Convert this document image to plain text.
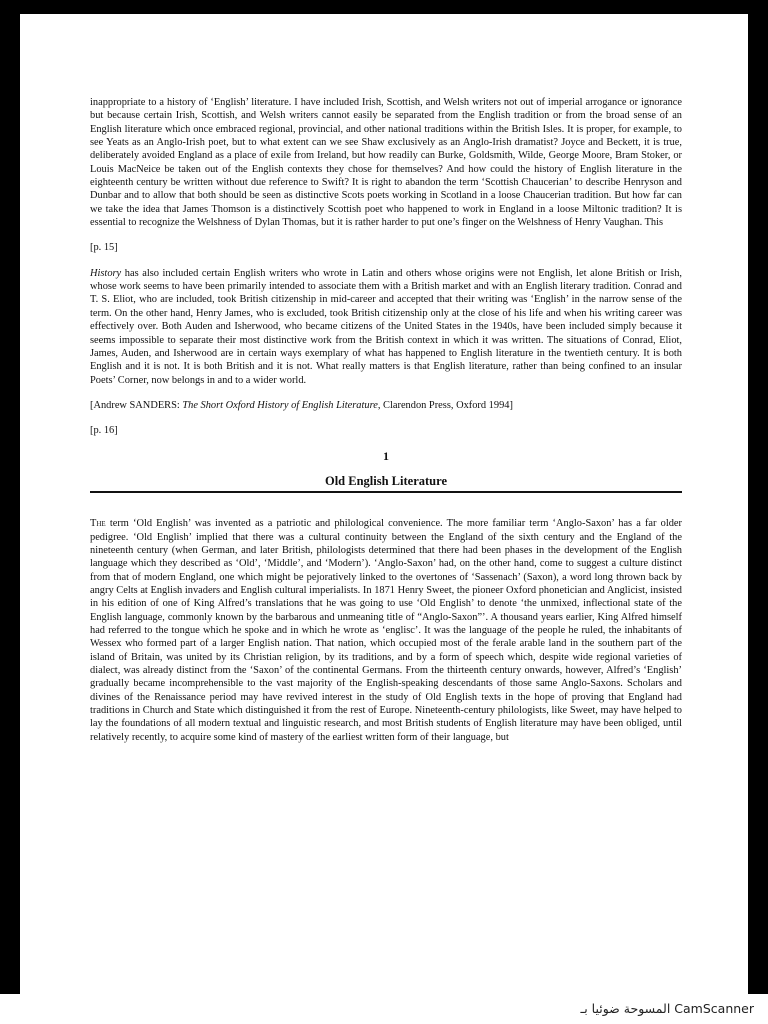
inappropriate to a history of ‘English’ literature. I have included Irish, Scottish, and Welsh writers not out of imperial arrogance or ignorance but because certain Irish, Scottish, and Welsh writers cannot easily be separated from the English tradition or from the broad sense of an English literature which once embraced regional, provincial, and other national traditions within the British Isles. It is proper, for example, to see Yeats as an Anglo-Irish poet, but to what extent can we see Shaw exclusively as an Anglo-Irish dramatist? Joyce and Beckett, it is true, deliberately avoided England as a place of exile from Ireland, but how readily can Burke, Goldsmith, Wilde, George Moore, Bram Stoker, or Louis MacNeice be taken out of the English contexts they chose for themselves? And how could the history of English literature in the eighteenth century be written without due reference to Swift? It is right to abandon the term ‘Scottish Chaucerian’ to describe Henryson and Dunbar and to allow that both should be seen as distinctive Scots poets working in Scotland in a loose Chaucerian tradition. But how far can we take the idea that James Thomson is a distinctively Scottish poet who happened to work in England in a loose Miltonic tradition? It is essential to recognize the Welshness of Dylan Thomas, but it is rather harder to put one’s finger on the Welshness of Henry Vaughan. This

[p. 15]

History has also included certain English writers who wrote in Latin and others whose origins were not English, let alone British or Irish, whose work seems to have been primarily intended to associate them with a British market and with an English literary tradition. Conrad and T. S. Eliot, who are included, took British citizenship in mid-career and accepted that their writing was ‘English’ in the narrow sense of the term. On the other hand, Henry James, who is excluded, took British citizenship only at the close of his life and when his writing career was effectively over. Both Auden and Isherwood, who became citizens of the United States in the 1940s, have been included simply because it seems impossible to separate their most distinctive work from the British context in which it was written. The situations of Conrad, Eliot, James, Auden, and Isherwood are in certain ways exemplary of what has happened to English literature in the twentieth century. It is both English and it is not. It is both British and it is not. What really matters is that English literature, rather than being confined to an insular Poets’ Corner, now belongs in and to a wider world.

[Andrew SANDERS: The Short Oxford History of English Literature, Clarendon Press, Oxford 1994]

[p. 16]

1

Old English Literature

The term ‘Old English’ was invented as a patriotic and philological convenience. The more familiar term ‘Anglo-Saxon’ has a far older pedigree. ‘Old English’ implied that there was a cultural continuity between the England of the sixth century and the England of the nineteenth century (when German, and later British, philologists determined that there had been phases in the development of the English language which they described as ‘Old’, ‘Middle’, and ‘Modern’). ‘Anglo-Saxon’ had, on the other hand, come to suggest a culture distinct from that of modern England, one which might be pejoratively linked to the overtones of ‘Sassenach’ (Saxon), a word long thrown back by angry Celts at English invaders and English cultural imperialists. In 1871 Henry Sweet, the pioneer Oxford phonetician and Anglicist, insisted in his edition of one of King Alfred’s translations that he was going to use ‘Old English’ to denote ‘the unmixed, inflectional state of the English language, commonly known by the barbarous and unmeaning title of “Anglo-Saxon”’. A thousand years earlier, King Alfred himself had referred to the tongue which he spoke and in which he wrote as ‘englisc’. It was the language of the people he ruled, the inhabitants of Wessex who formed part of a larger English nation. That nation, which occupied most of the ferale arable land in the southern part of the island of Britain, was united by its Christian religion, by its traditions, and by a form of speech which, despite wide regional varieties of dialect, was already distinct from the ‘Saxon’ of the continental Germans. From the thirteenth century onwards, however, Alfred’s ‘English’ gradually became incomprehensible to the vast majority of the English-speaking descendants of those same Anglo-Saxons. Scholars and divines of the Renaissance period may have revived interest in the study of Old English texts in the hope of proving that England had traditions in Church and State which distinguished it from the rest of Europe. Nineteenth-century philologists, like Sweet, may have helped to lay the foundations of all modern textual and linguistic research, and most British students of English literature may have been obliged, until relatively recently, to acquire some kind of mastery of the earliest written form of their language, but

المسوحة ضوئيا بـ CamScanner
